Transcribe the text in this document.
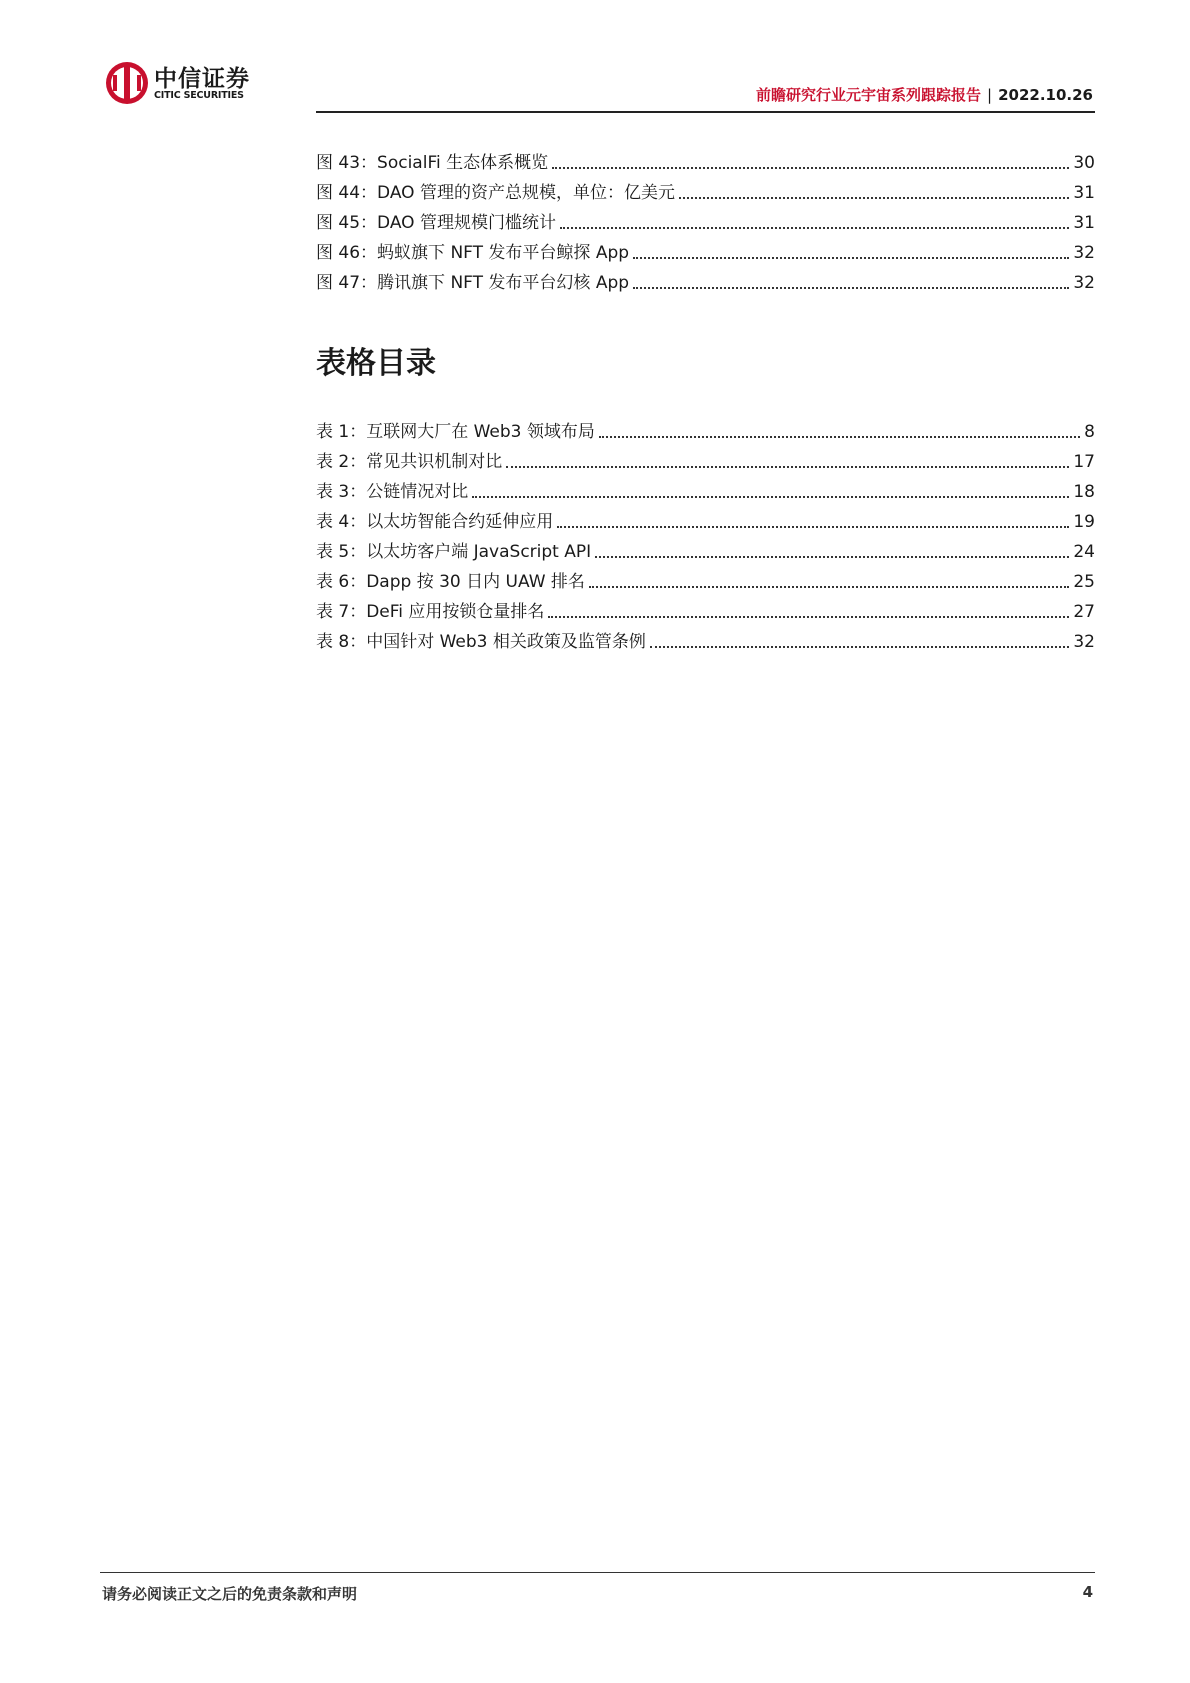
中信证券
CITIC SECURITIES	前瞻研究行业元宇宙系列跟踪报告 | 2022.10.26
图 43：SocialFi 生态体系概览	30
图 44：DAO 管理的资产总规模，单位：亿美元	31
图 45：DAO 管理规模门槛统计	31
图 46：蚂蚁旗下 NFT 发布平台鲸探 App	32
图 47：腾讯旗下 NFT 发布平台幻核 App	32
表格目录
表 1：互联网大厂在 Web3 领域布局	8
表 2：常见共识机制对比	17
表 3：公链情况对比	18
表 4：以太坊智能合约延伸应用	19
表 5：以太坊客户端 JavaScript API	24
表 6：Dapp 按 30 日内 UAW 排名	25
表 7：DeFi 应用按锁仓量排名	27
表 8：中国针对 Web3 相关政策及监管条例	32
请务必阅读正文之后的免责条款和声明	4
